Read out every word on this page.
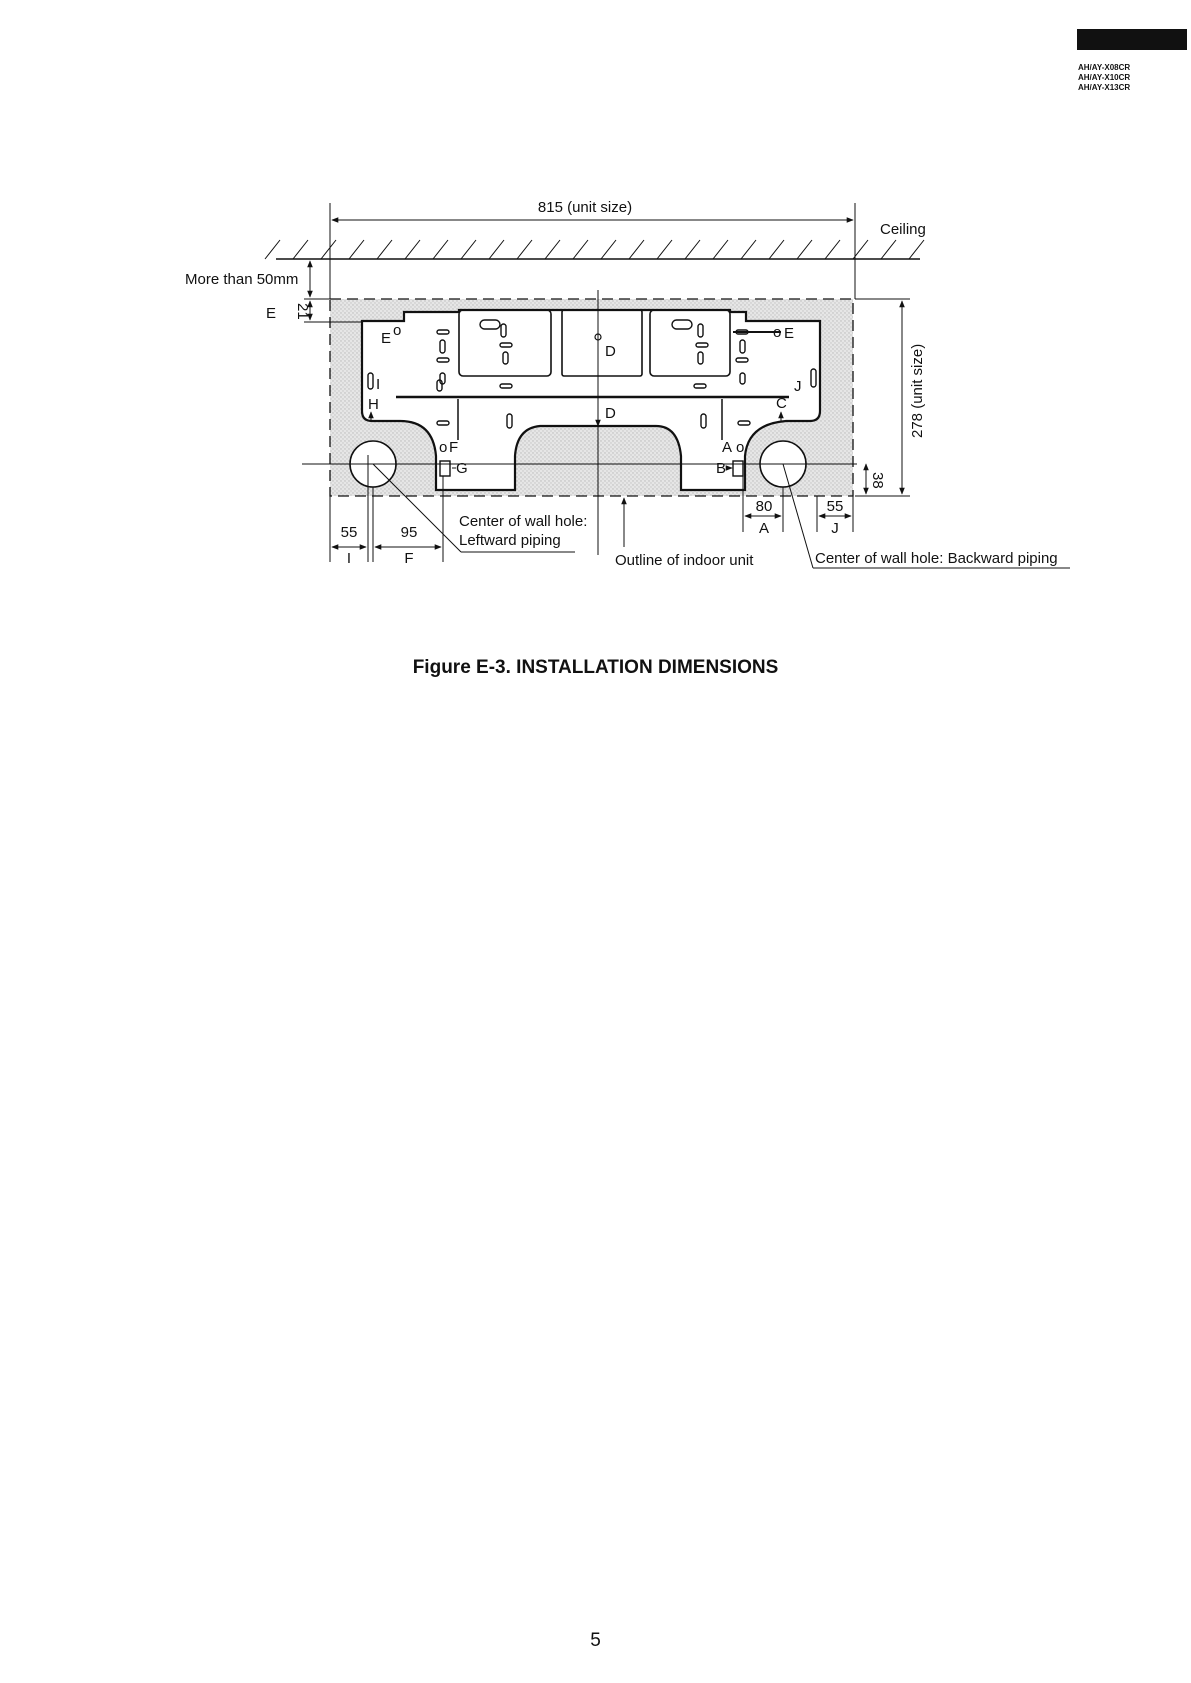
AH/AY-X08CR
AH/AY-X10CR
AH/AY-X13CR
815 (unit size)
Ceiling
More than 50mm
E 21
278 (unit size)
38
55	95
I	F
80	55
A	J
E o	o E
D
D
I
H
J
C
o F
G
A o
B
Center of wall hole:
Leftward piping
Outline of indoor unit	Center of wall hole: Backward piping
Figure E-3. INSTALLATION DIMENSIONS
5
